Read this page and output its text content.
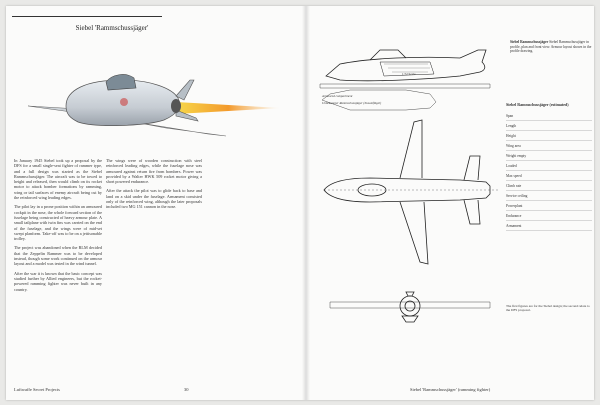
Siebel 'Rammschussjäger'

In January 1945 Siebel took up a proposal by the DFS for a small single-seat fighter of rammer type, and a full design was started as the Siebel Rammschussjäger. The aircraft was to be towed to height and released, then would climb on its rocket motor to attack bomber formations by ramming, wing or tail surfaces of enemy aircraft being cut by the reinforced wing leading edges.

The pilot lay in a prone position within an armoured cockpit in the nose, the whole forward section of the fuselage being constructed of heavy armour plate. A small tailplane with twin fins was carried on the end of the fuselage, and the wings were of mid-set swept planform. Take-off was to be on a jettisonable trolley.

The project was abandoned when the RLM decided that the Zeppelin Rammer was to be developed instead, though some work continued on the armour layout and a model was tested in the wind tunnel.

After the war it is known that the basic concept was studied further by Allied engineers, but the rocket-powered ramming fighter was never built in any country.

The wings were of wooden construction with steel reinforced leading edges, while the fuselage nose was armoured against return fire from bombers. Power was provided by a Walter HWK 509 rocket motor giving a short powered endurance.

After the attack the pilot was to glide back to base and land on a skid under the fuselage. Armament consisted only of the reinforced wing, although the later proposals included two MG 151 cannon in the nose.

Luftwaffe Secret Projects	30
1:72 Scale
Armoured compartment
Unbekannter Rammschussjäger (Zusatzflügel)
Siebel Rammschussjäger Siebel Rammschussjäger in profile, plan and front view. Armour layout shown in the profile drawing.
Siebel Rammschussjäger (estimated)
Span
Length
Height
Wing area
Weight empty
Loaded
Max speed
Climb rate
Service ceiling
Powerplant
Endurance
Armament
The first figures are for the Siebel design; the second relate to the DFS proposal.
Siebel 'Rammschussjäger' (ramming fighter)
